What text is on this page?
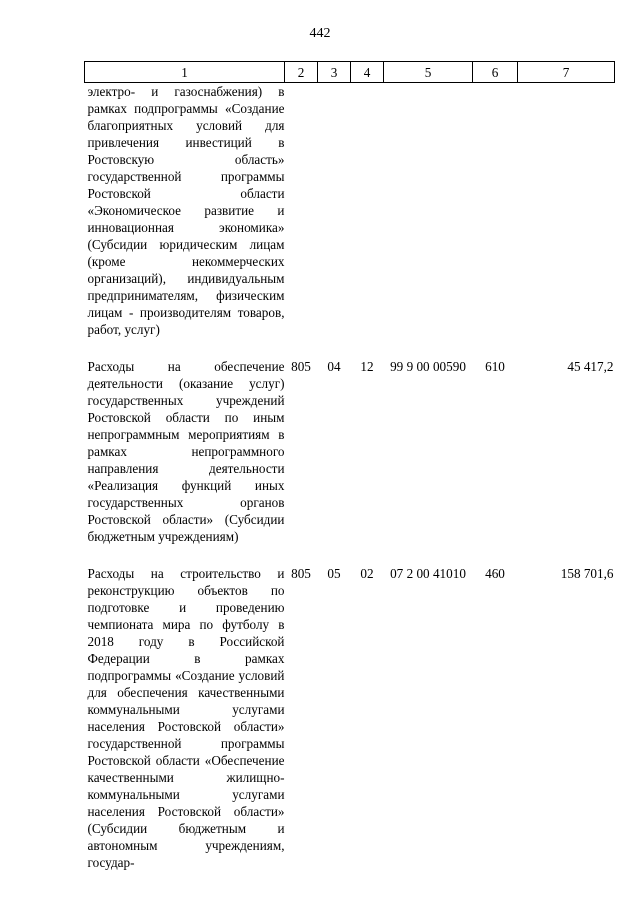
442
1	2	3	4	5	6	7
электро- и газоснабжения) в рамках подпрограммы «Создание благоприятных условий для привлечения инвестиций в Ростовскую область» государственной программы Ростовской области «Экономическое развитие и инновационная экономика» (Субсидии юридическим лицам (кроме некоммерческих организаций), индивидуальным предпринимателям, физическим лицам - производителям товаров, работ, услуг)						
Расходы на обеспечение деятельности (оказание услуг) государственных учреждений Ростовской области по иным непрограммным мероприятиям в рамках непрограммного направления деятельности «Реализация функций иных государственных органов Ростовской области» (Субсидии бюджетным учреждениям)	805	04	12	99 9 00 00590	610	45 417,2
Расходы на строительство и реконструкцию объектов по подготовке и проведению чемпионата мира по футболу в 2018 году в Российской Федерации в рамках подпрограммы «Создание условий для обеспечения качественными коммунальными услугами населения Ростовской области» государственной программы Ростовской области «Обеспечение качественными жилищно-коммунальными услугами населения Ростовской области» (Субсидии бюджетным и автономным учреждениям, государ-	805	05	02	07 2 00 41010	460	158 701,6
